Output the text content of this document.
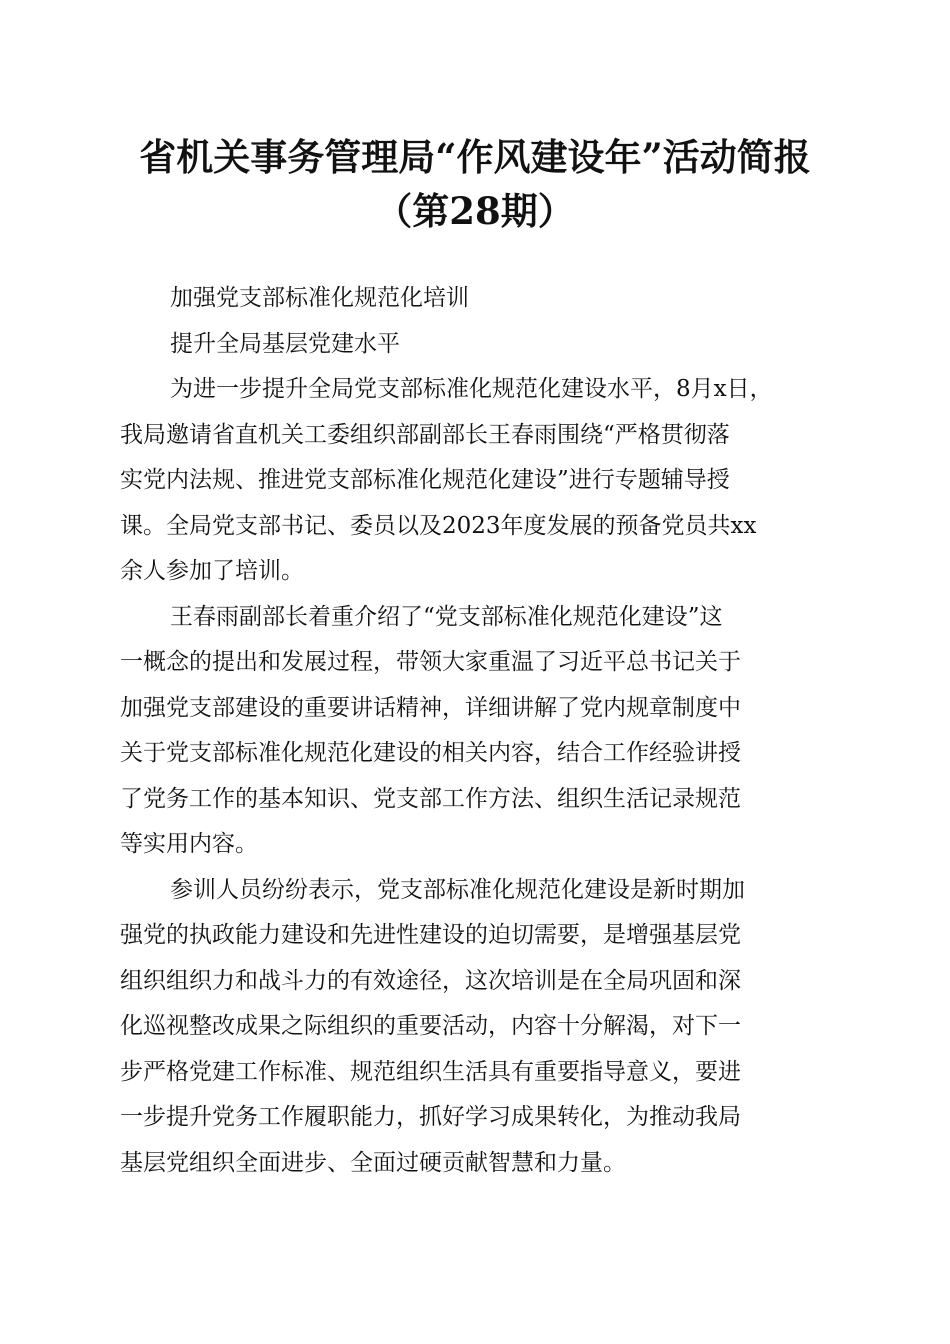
省机关事务管理局“作风建设年”活动简报
（第28期）
加强党支部标准化规范化培训
提升全局基层党建水平
为进一步提升全局党支部标准化规范化建设水平，8月x日，
我局邀请省直机关工委组织部副部长王春雨围绕“严格贯彻落
实党内法规、推进党支部标准化规范化建设”进行专题辅导授
课。全局党支部书记、委员以及2023年度发展的预备党员共xx
余人参加了培训。
王春雨副部长着重介绍了“党支部标准化规范化建设”这
一概念的提出和发展过程，带领大家重温了习近平总书记关于
加强党支部建设的重要讲话精神，详细讲解了党内规章制度中
关于党支部标准化规范化建设的相关内容，结合工作经验讲授
了党务工作的基本知识、党支部工作方法、组织生活记录规范
等实用内容。
参训人员纷纷表示，党支部标准化规范化建设是新时期加
强党的执政能力建设和先进性建设的迫切需要，是增强基层党
组织组织力和战斗力的有效途径，这次培训是在全局巩固和深
化巡视整改成果之际组织的重要活动，内容十分解渴，对下一
步严格党建工作标准、规范组织生活具有重要指导意义，要进
一步提升党务工作履职能力，抓好学习成果转化，为推动我局
基层党组织全面进步、全面过硬贡献智慧和力量。
